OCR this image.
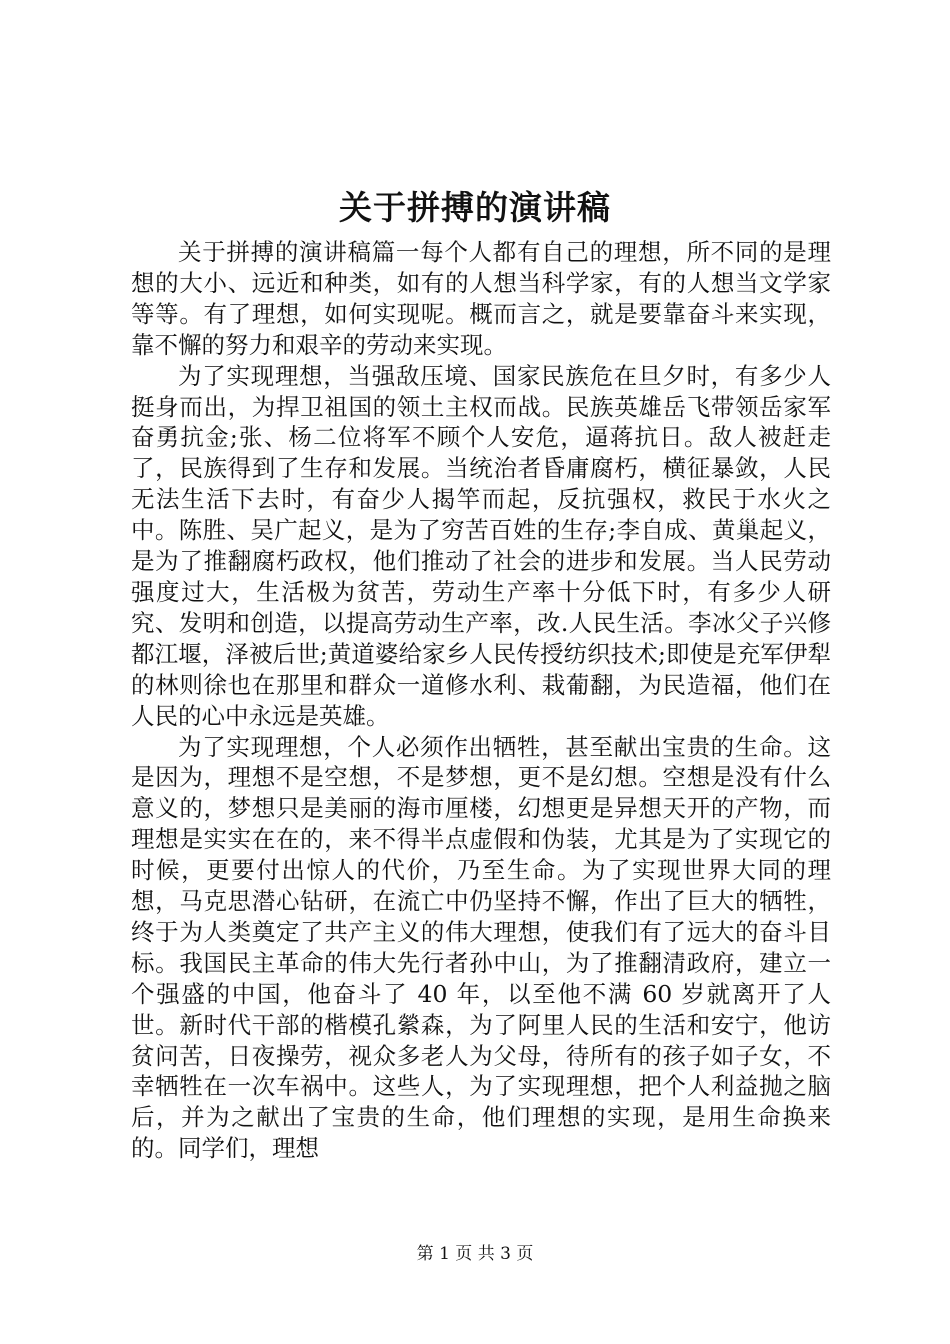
关于拼搏的演讲稿

关于拼搏的演讲稿篇一每个人都有自己的理想，所不同的是理想的大小、远近和种类，如有的人想当科学家，有的人想当文学家等等。有了理想，如何实现呢。概而言之，就是要靠奋斗来实现，靠不懈的努力和艰辛的劳动来实现。

为了实现理想，当强敌压境、国家民族危在旦夕时，有多少人挺身而出，为捍卫祖国的领土主权而战。民族英雄岳飞带领岳家军奋勇抗金;张、杨二位将军不顾个人安危，逼蒋抗日。敌人被赶走了，民族得到了生存和发展。当统治者昏庸腐朽，横征暴敛，人民无法生活下去时，有奋少人揭竿而起，反抗强权，救民于水火之中。陈胜、吴广起义，是为了穷苦百姓的生存;李自成、黄巢起义，是为了推翻腐朽政权，他们推动了社会的进步和发展。当人民劳动强度过大，生活极为贫苦，劳动生产率十分低下时，有多少人研究、发明和创造，以提高劳动生产率，改.人民生活。李冰父子兴修都江堰，泽被后世;黄道婆给家乡人民传授纺织技术;即使是充军伊犁的林则徐也在那里和群众一道修水利、栽葡翻，为民造福，他们在人民的心中永远是英雄。

为了实现理想，个人必须作出牺牲，甚至献出宝贵的生命。这是因为，理想不是空想，不是梦想，更不是幻想。空想是没有什么意义的，梦想只是美丽的海市厘楼，幻想更是异想天开的产物，而理想是实实在在的，来不得半点虚假和伪装，尤其是为了实现它的时候，更要付出惊人的代价，乃至生命。为了实现世界大同的理想，马克思潜心钻研，在流亡中仍坚持不懈，作出了巨大的牺牲，终于为人类奠定了共产主义的伟大理想，使我们有了远大的奋斗目标。我国民主革命的伟大先行者孙中山，为了推翻清政府，建立一个强盛的中国，他奋斗了 40 年，以至他不满 60 岁就离开了人世。新时代干部的楷模孔縈森，为了阿里人民的生活和安宁，他访贫问苦，日夜操劳，视众多老人为父母，待所有的孩子如子女，不幸牺牲在一次车祸中。这些人，为了实现理想，把个人利益抛之脑后，并为之献出了宝贵的生命，他们理想的实现，是用生命换来的。同学们，理想

第 1 页 共 3 页
